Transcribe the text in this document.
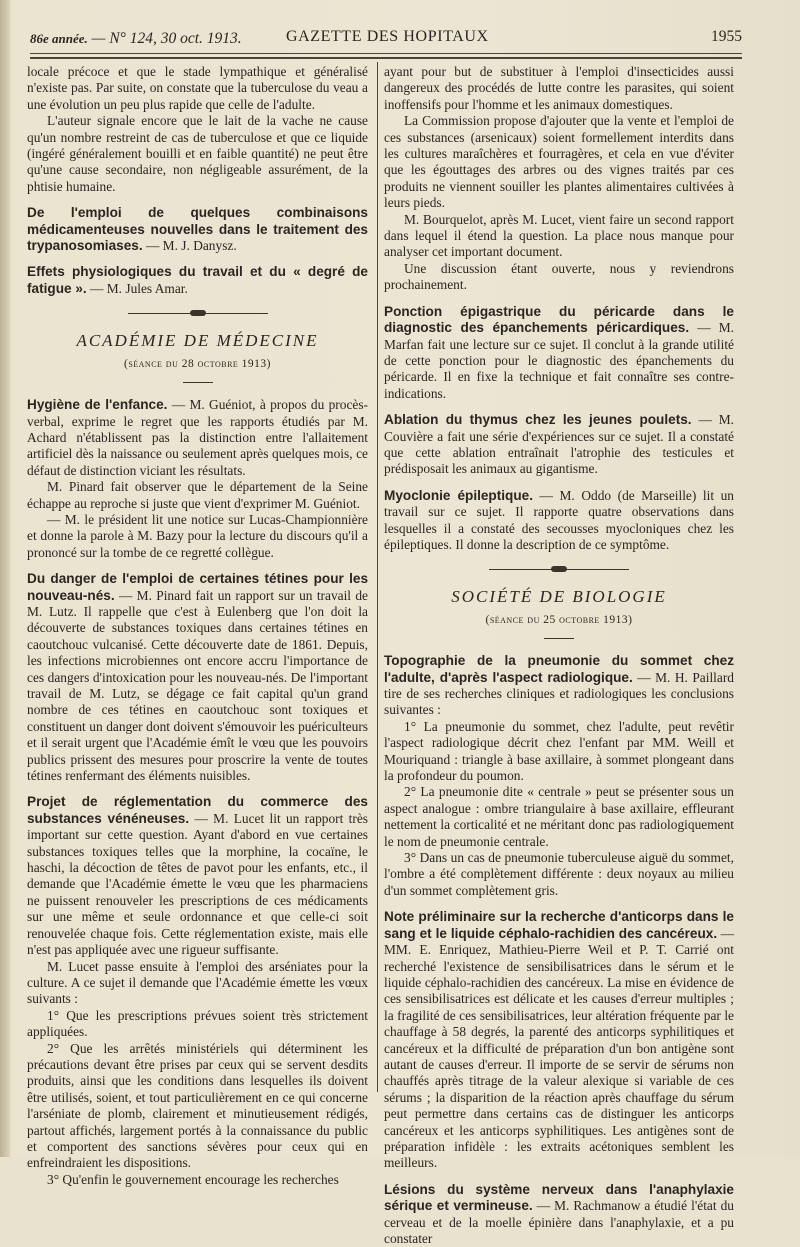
86e année. — N° 124, 30 oct. 1913.	GAZETTE DES HOPITAUX	1955

locale précoce et que le stade lympathique et généralisé n'existe pas. Par suite, on constate que la tuberculose du veau a une évolution un peu plus rapide que celle de l'adulte.

L'auteur signale encore que le lait de la vache ne cause qu'un nombre restreint de cas de tuberculose et que ce liquide (ingéré généralement bouilli et en faible quantité) ne peut être qu'une cause secondaire, non négligeable assurément, de la phtisie humaine.

De l'emploi de quelques combinaisons médicamenteuses nouvelles dans le traitement des trypanosomiases. — M. J. Danysz.
Effets physiologiques du travail et du « degré de fatigue ». — M. Jules Amar.
ACADÉMIE DE MÉDECINE
(séance du 28 octobre 1913)

Hygiène de l'enfance. — M. Guéniot, à propos du procès-verbal, exprime le regret que les rapports étudiés par M. Achard n'établissent pas la distinction entre l'allaitement artificiel dès la naissance ou seulement après quelques mois, ce défaut de distinction viciant les résultats.

M. Pinard fait observer que le département de la Seine échappe au reproche si juste que vient d'exprimer M. Guéniot.

— M. le président lit une notice sur Lucas-Championnière et donne la parole à M. Bazy pour la lecture du discours qu'il a prononcé sur la tombe de ce regretté collègue.

Du danger de l'emploi de certaines tétines pour les nouveau-nés. — M. Pinard fait un rapport sur un travail de M. Lutz. Il rappelle que c'est à Eulenberg que l'on doit la découverte de substances toxiques dans certaines tétines en caoutchouc vulcanisé. Cette découverte date de 1861. Depuis, les infections microbiennes ont encore accru l'importance de ces dangers d'intoxication pour les nouveau-nés. De l'important travail de M. Lutz, se dégage ce fait capital qu'un grand nombre de ces tétines en caoutchouc sont toxiques et constituent un danger dont doivent s'émouvoir les puériculteurs et il serait urgent que l'Académie émît le vœu que les pouvoirs publics prissent des mesures pour proscrire la vente de toutes tétines renfermant des éléments nuisibles.

Projet de réglementation du commerce des substances vénéneuses. — M. Lucet lit un rapport très important sur cette question. Ayant d'abord en vue certaines substances toxiques telles que la morphine, la cocaïne, le haschi, la décoction de têtes de pavot pour les enfants, etc., il demande que l'Académie émette le vœu que les pharmaciens ne puissent renouveler les prescriptions de ces médicaments sur une même et seule ordonnance et que celle-ci soit renouvelée chaque fois. Cette réglementation existe, mais elle n'est pas appliquée avec une rigueur suffisante.

M. Lucet passe ensuite à l'emploi des arséniates pour la culture. A ce sujet il demande que l'Académie émette les vœux suivants :

1° Que les prescriptions prévues soient très strictement appliquées.

2° Que les arrêtés ministériels qui déterminent les précautions devant être prises par ceux qui se servent desdits produits, ainsi que les conditions dans lesquelles ils doivent être utilisés, soient, et tout particulièrement en ce qui concerne l'arséniate de plomb, clairement et minutieusement rédigés, partout affichés, largement portés à la connaissance du public et comportent des sanctions sévères pour ceux qui en enfreindraient les dispositions.

3° Qu'enfin le gouvernement encourage les recherches

ayant pour but de substituer à l'emploi d'insecticides aussi dangereux des procédés de lutte contre les parasites, qui soient inoffensifs pour l'homme et les animaux domestiques.

La Commission propose d'ajouter que la vente et l'emploi de ces substances (arsenicaux) soient formellement interdits dans les cultures maraîchères et fourragères, et cela en vue d'éviter que les égouttages des arbres ou des vignes traités par ces produits ne viennent souiller les plantes alimentaires cultivées à leurs pieds.

M. Bourquelot, après M. Lucet, vient faire un second rapport dans lequel il étend la question. La place nous manque pour analyser cet important document.

Une discussion étant ouverte, nous y reviendrons prochainement.

Ponction épigastrique du péricarde dans le diagnostic des épanchements péricardiques. — M. Marfan fait une lecture sur ce sujet. Il conclut à la grande utilité de cette ponction pour le diagnostic des épanchements du péricarde. Il en fixe la technique et fait connaître ses contre-indications.

Ablation du thymus chez les jeunes poulets. — M. Couvière a fait une série d'expériences sur ce sujet. Il a constaté que cette ablation entraînait l'atrophie des testicules et prédisposait les animaux au gigantisme.

Myoclonie épileptique. — M. Oddo (de Marseille) lit un travail sur ce sujet. Il rapporte quatre observations dans lesquelles il a constaté des secousses myocloniques chez les épileptiques. Il donne la description de ce symptôme.

SOCIÉTÉ DE BIOLOGIE
(séance du 25 octobre 1913)

Topographie de la pneumonie du sommet chez l'adulte, d'après l'aspect radiologique. — M. H. Paillard tire de ses recherches cliniques et radiologiques les conclusions suivantes :

1° La pneumonie du sommet, chez l'adulte, peut revêtir l'aspect radiologique décrit chez l'enfant par MM. Weill et Mouriquand : triangle à base axillaire, à sommet plongeant dans la profondeur du poumon.

2° La pneumonie dite « centrale » peut se présenter sous un aspect analogue : ombre triangulaire à base axillaire, effleurant nettement la corticalité et ne méritant donc pas radiologiquement le nom de pneumonie centrale.

3° Dans un cas de pneumonie tuberculeuse aiguë du sommet, l'ombre a été complètement différente : deux noyaux au milieu d'un sommet complètement gris.

Note préliminaire sur la recherche d'anticorps dans le sang et le liquide céphalo-rachidien des cancéreux. — MM. E. Enriquez, Mathieu-Pierre Weil et P. T. Carrié ont recherché l'existence de sensibilisatrices dans le sérum et le liquide céphalo-rachidien des cancéreux. La mise en évidence de ces sensibilisatrices est délicate et les causes d'erreur multiples ; la fragilité de ces sensibilisatrices, leur altération fréquente par le chauffage à 58 degrés, la parenté des anticorps syphilitiques et cancéreux et la difficulté de préparation d'un bon antigène sont autant de causes d'erreur. Il importe de se servir de sérums non chauffés après titrage de la valeur alexique si variable de ces sérums ; la disparition de la réaction après chauffage du sérum peut permettre dans certains cas de distinguer les anticorps cancéreux et les anticorps syphilitiques. Les antigènes sont de préparation infidèle : les extraits acétoniques semblent les meilleurs.

Lésions du système nerveux dans l'anaphylaxie sérique et vermineuse. — M. Rachmanow a étudié l'état du cerveau et de la moelle épinière dans l'anaphylaxie, et a pu constater
